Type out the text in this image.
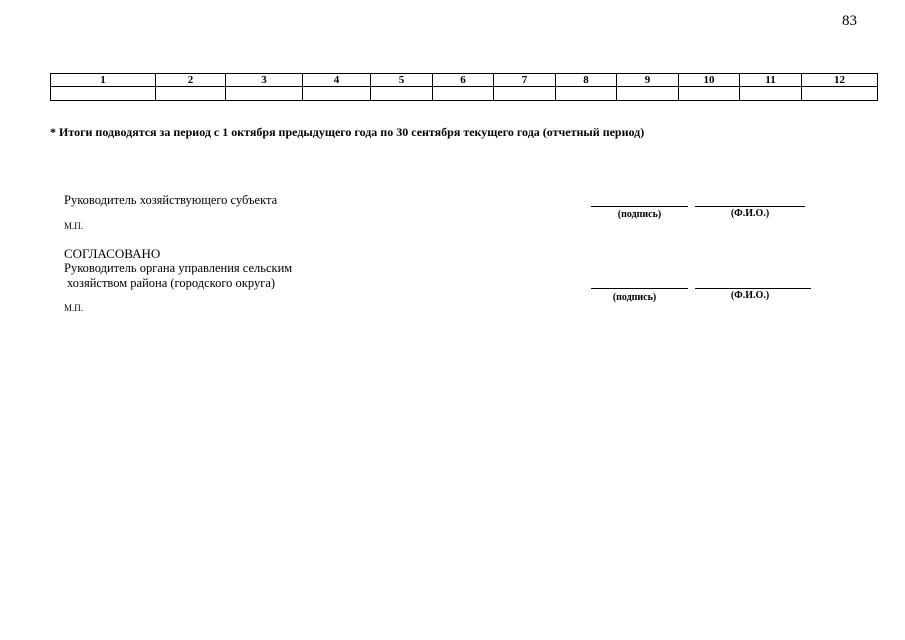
83
1	2	3	4	5	6	7	8	9	10	11	12

* Итоги подводятся за период с 1 октября предыдущего года по 30 сентября текущего года (отчетный период)
Руководитель хозяйствующего субъекта
М.П.
(подпись)	(Ф.И.О.)
СОГЛАСОВАНО
Руководитель органа управления сельским
хозяйством района (городского округа)
М.П.
(подпись)	(Ф.И.О.)
